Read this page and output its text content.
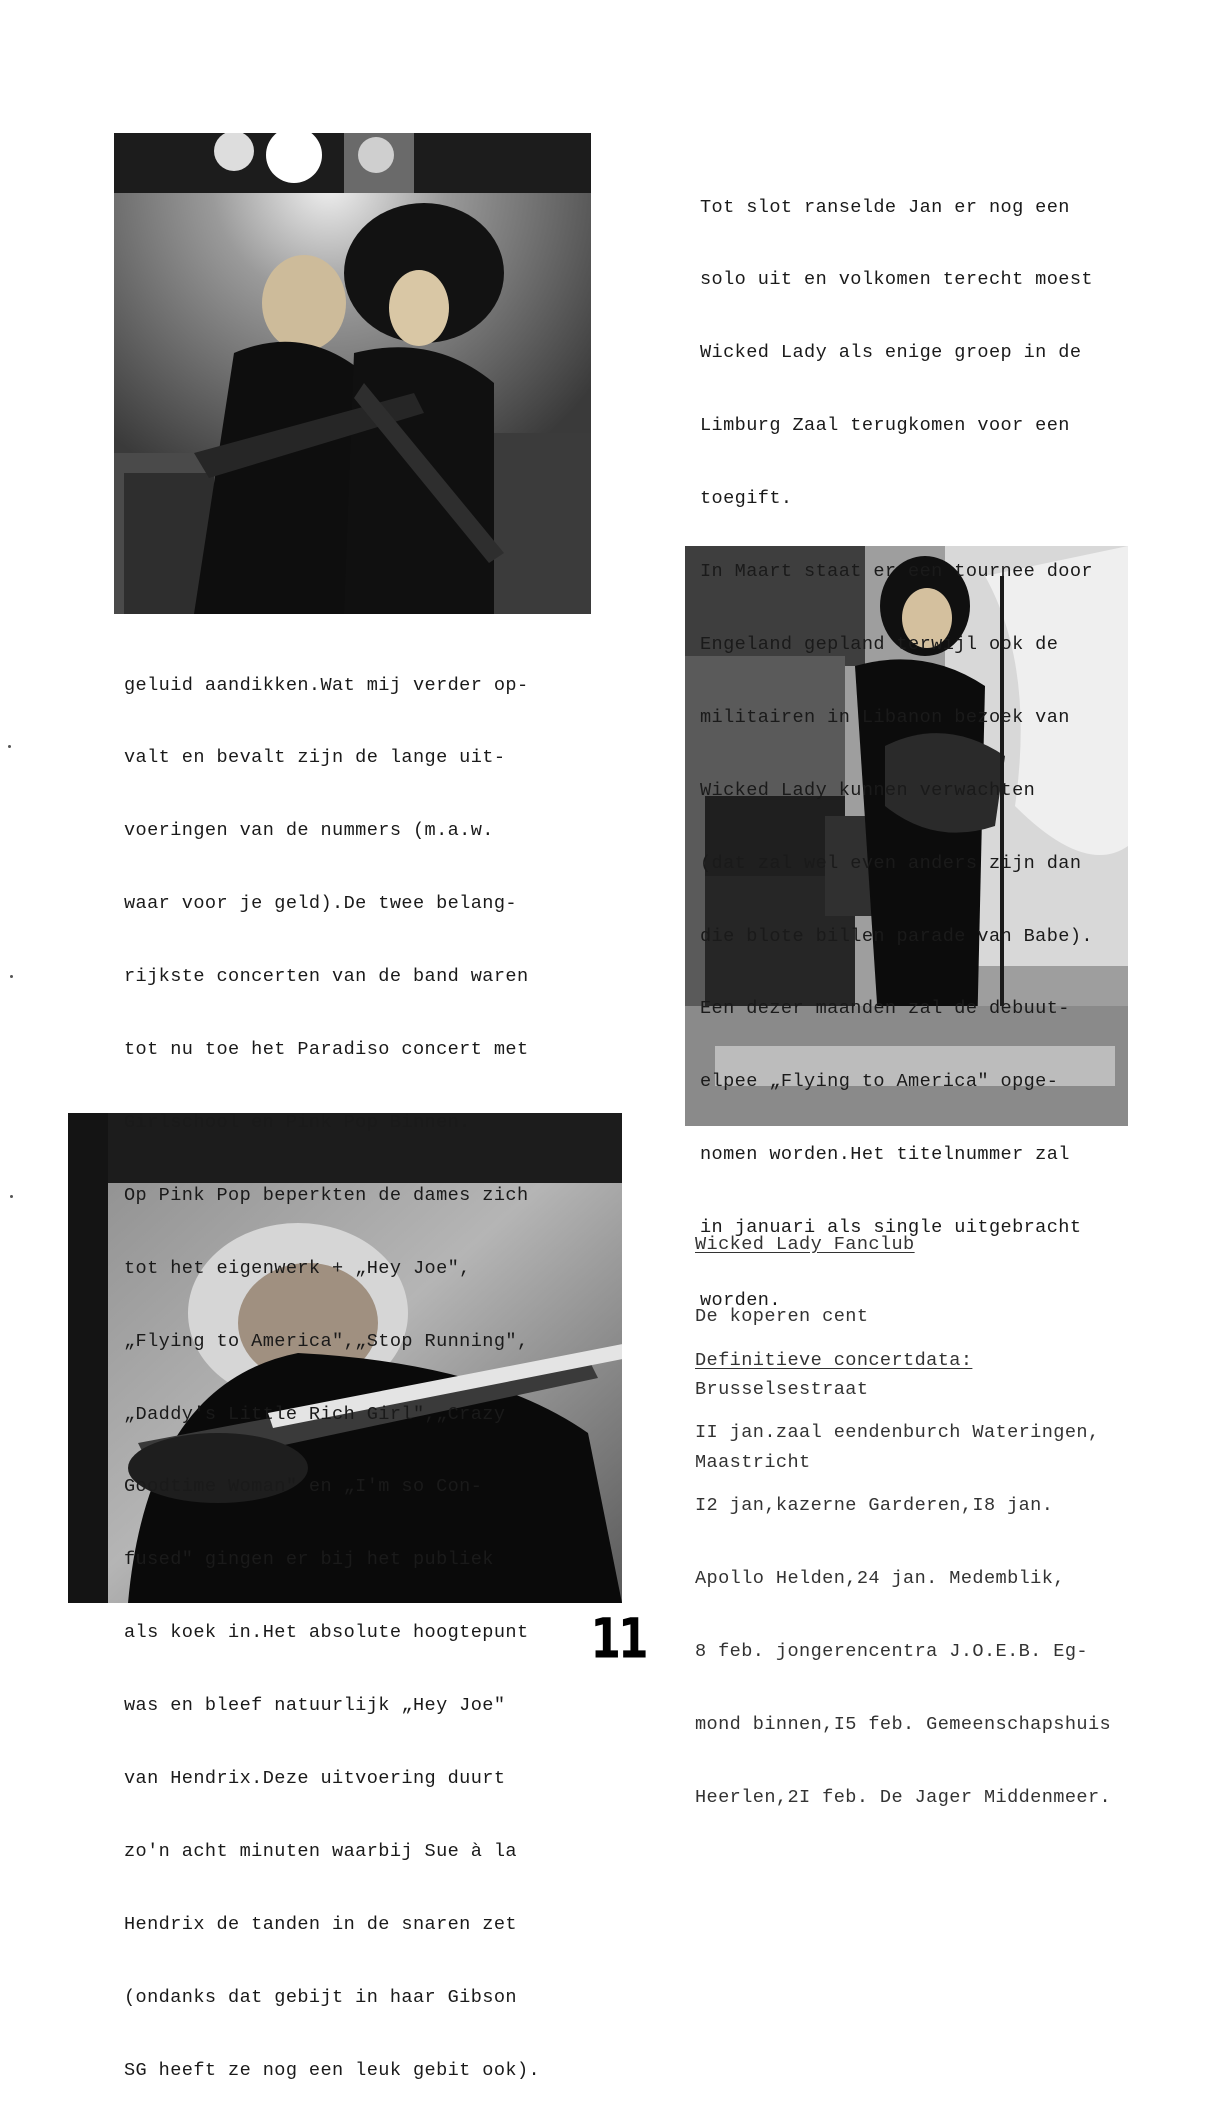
geluid aandikken.Wat mij verder op-

valt en bevalt zijn de lange uit-

voeringen van de nummers (m.a.w.

waar voor je geld).De twee belang-

rijkste concerten van de band waren

tot nu toe het Paradiso concert met

Girlschool en Pink Pop Binnen.

Op Pink Pop beperkten de dames zich

tot het eigenwerk + „Hey Joe",

„Flying to America",„Stop Running",

„Daddy's Little Rich Girl",„Crazy

Goodtime Woman" en „I'm so Con-

fused" gingen er bij het publiek

als koek in.Het absolute hoogtepunt

was en bleef natuurlijk „Hey Joe"

van Hendrix.Deze uitvoering duurt

zo'n acht minuten waarbij Sue à la

Hendrix de tanden in de snaren zet

(ondanks dat gebijt in haar Gibson

SG heeft ze nog een leuk gebit ook).

Tot slot ranselde Jan er nog een

solo uit en volkomen terecht moest

Wicked Lady als enige groep in de

Limburg Zaal terugkomen voor een

toegift.

In Maart staat er een tournee door

Engeland gepland terwijl ook de

militairen in Libanon bezoek van

Wicked Lady kunnen verwachten

(dat zal wel even anders zijn dan

die blote billen parade van Babe).

Een dezer maanden zal de debuut-

elpee „Flying to America" opge-

nomen worden.Het titelnummer zal

in januari als single uitgebracht

worden.

Wicked Lady Fanclub

De koperen cent

Brusselsestraat

Maastricht

Definitieve concertdata:

II jan.zaal eendenburch Wateringen,

I2 jan,kazerne Garderen,I8 jan.

Apollo Helden,24 jan. Medemblik,

8 feb. jongerencentra J.O.E.B. Eg-

mond binnen,I5 feb. Gemeenschapshuis

Heerlen,2I feb. De Jager Middenmeer.

11
